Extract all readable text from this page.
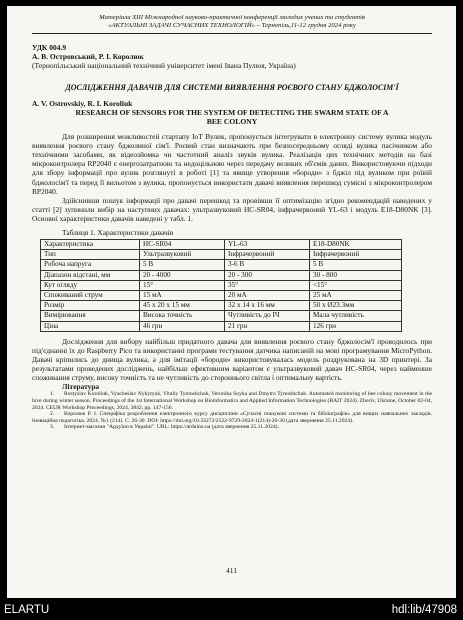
Матеріали XIII Міжнародної науково-практичної конференції молодих учених та студентів
«АКТУАЛЬНІ ЗАДАЧІ СУЧАСНИХ ТЕХНОЛОГІЙ» – Тернопіль,11-12 грудня 2024 року
УДК 004.9
А. В. Островський, Р. І. Королюк
(Тернопільський національний технічний університет імені Івана Пулюя, Україна)
ДОСЛІДЖЕННЯ ДАВАЧІВ ДЛЯ СИСТЕМИ ВИЯВЛЕННЯ РОЄВОГО СТАНУ БДЖОЛОСІМ'Ї
A. V. Ostrovskiy, R. I. Koroliuk
RESEARCH OF SENSORS FOR THE SYSTEM OF DETECTING THE SWARM STATE OF A BEE COLONY

Для розширення можливостей стартапу IoT Вулик, пропонується інтегрувати в електронну систему вулика модуль виявлення роєвого стану бджолиної сім'ї. Роєвий стан визначають при безпосередньому огляді вулика пасічником або технічними засобами, як відеозйомка чи частотний аналіз звуків вулика. Реалізація цих технічних методів на базі мікроконтролера RP2040 є енергозатратною та недоцільною через передачу великих об'ємів даних. Використовуючи підходи для збору інформації про вулик розглянуті в роботі [1] та явище утворення «бороди» з бджіл під вуликом при роївій бджолосім'ї та перед її вильотом з вулика, пропонується використати давачі виявлення перешкод сумісні з мікроконтролером RP2040.

Здійснивши пошук інформації про давачі перешкод та провівши її оптимізацію згідно рекомендацій наведених у статті [2] зупинили вибір на наступних давачах: ультразвуковий HC-SR04, інфрачервоний YL-63 і модуль E18-D80NK [3]. Основні характеристики давачів наведені у табл. 1.

Таблиця 1. Характеристики давачів
Характеристика	HC-SR04	YL-63	E18-D80NK
Тип	Ультразвуковий	Інфрачервоний	Інфрачервоний
Робоча напруга	5 В	3-6 В	5 В
Діапазон відстані, мм	20 - 4000	20 - 300	30 - 800
Кут огляду	15°	35°	<15°
Споживаний струм	15 мА	20 мА	25 мА
Розмір	45 х 20 х 15 мм	32 х 14 х 16 мм	50 х Ø23.3мм
Вимірювання	Висока точність	Чутливість до ІЧ	Мала чутливість
Ціна	46 грн	21 грн	126 грн

Дослідження для вибору найбільш придатного давача для виявлення роєвого стану бджолосім'ї проводилось при під'єднанні їх до Raspberry Pico та використанні програми тестування датчика написаній на мові програмування MicroPython. Давачі кріпились до днища вулика, а для імітації «бороди» використовувалась модель роздрукована на 3D принтері. За результатами проведених досліджень, найбільш ефективним варіантом є ультразвуковий давач HC-SR04, через найменше споживання струму, високу точність та не чутливість до стороннього світла і оптимальну вартість.

Література

1. Rostyslav Koroliuk, Vyacheslav Nykytyuk, Vitaliy Tymoshchuk, Veronika Soyka and Dmytro Tymoshchuk. Automated monitoring of bee colony movement in the hive during winter season. Proceedings of the 1st International Workshop on Bioinformatics and Applied Information Technologies (BAIT 2024). Zboriv, Ukraine, October 02-04, 2024. CEUR Workshop Proceedings, 2024, 3842, pp. 147-156.

2. Королюк Р. І. Специфіка розроблення електронного курсу дисципліни «Сучасні пошукові системи та бібліографія» для вищих навчальних закладів. Іноваційна педагогіка. 2024. №1 (214). С. 26-30. DOI: https://doi.org/10.33272/2522-9729-2024-1(214)-26-30 (дата звернення 25.11.2024).

3. Інтернет-магазин "Ардуїно в Україні". URL: https://arduino.ua (дата звернення 25.11.2024).

411
ELARTU	hdl:lib/47908
